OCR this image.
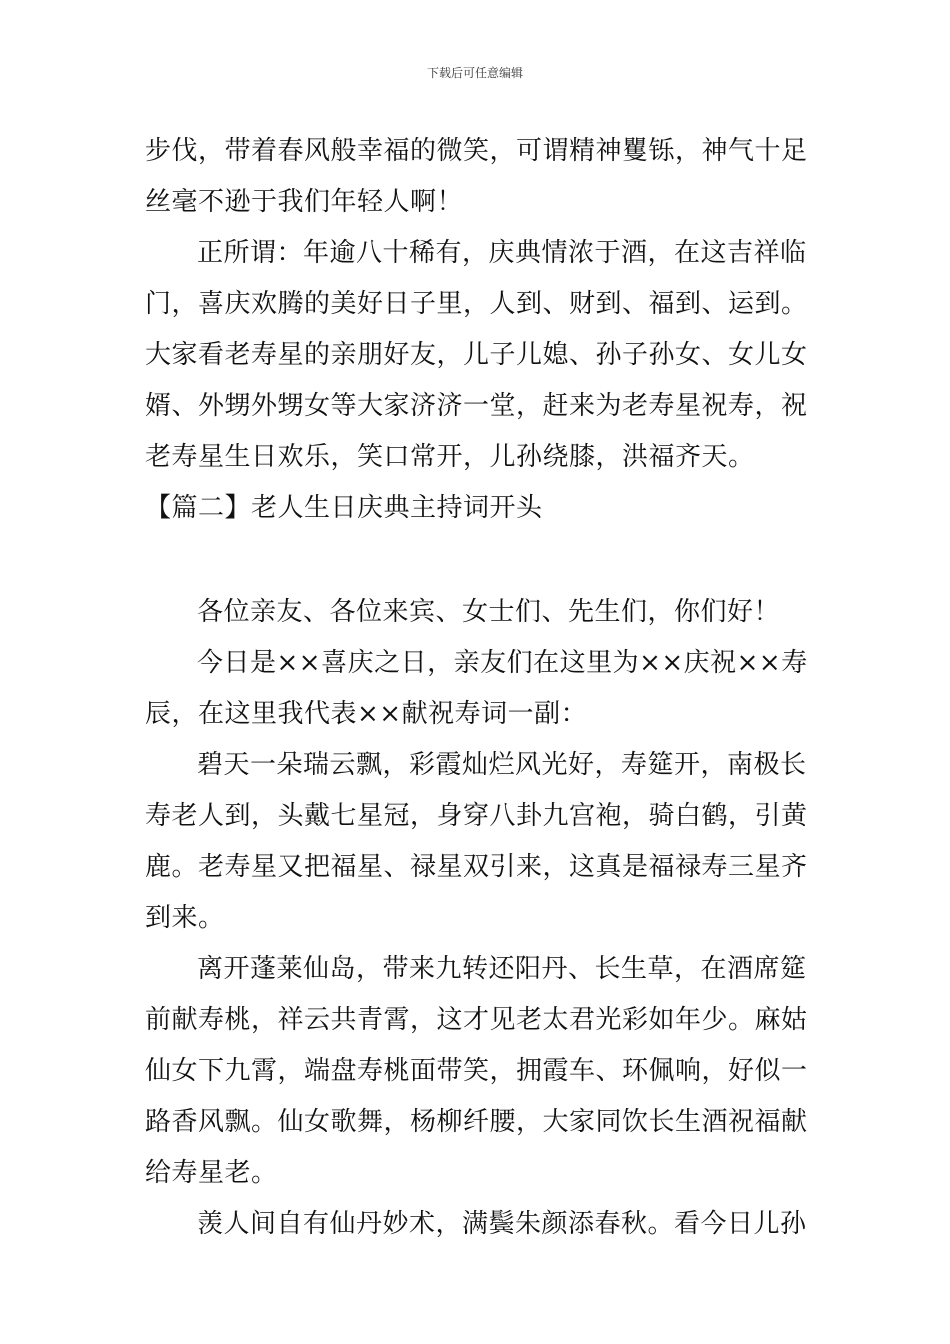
下载后可任意编辑

步伐，带着春风般幸福的微笑，可谓精神矍铄，神气十足丝毫不逊于我们年轻人啊！

正所谓：年逾八十稀有，庆典情浓于酒，在这吉祥临门，喜庆欢腾的美好日子里，人到、财到、福到、运到。大家看老寿星的亲朋好友，儿子儿媳、孙子孙女、女儿女婿、外甥外甥女等大家济济一堂，赶来为老寿星祝寿，祝老寿星生日欢乐，笑口常开，儿孙绕膝，洪福齐天。

【篇二】老人生日庆典主持词开头

各位亲友、各位来宾、女士们、先生们，你们好！

今日是××喜庆之日，亲友们在这里为××庆祝××寿辰，在这里我代表××献祝寿词一副：

碧天一朵瑞云飘，彩霞灿烂风光好，寿筵开，南极长寿老人到，头戴七星冠，身穿八卦九宫袍，骑白鹤，引黄鹿。老寿星又把福星、禄星双引来，这真是福禄寿三星齐到来。

离开蓬莱仙岛，带来九转还阳丹、长生草，在酒席筵前献寿桃，祥云共青霄，这才见老太君光彩如年少。麻姑仙女下九霄，端盘寿桃面带笑，拥霞车、环佩响，好似一路香风飘。仙女歌舞，杨柳纤腰，大家同饮长生酒祝福献给寿星老。

羡人间自有仙丹妙术，满鬓朱颜添春秋。看今日儿孙
